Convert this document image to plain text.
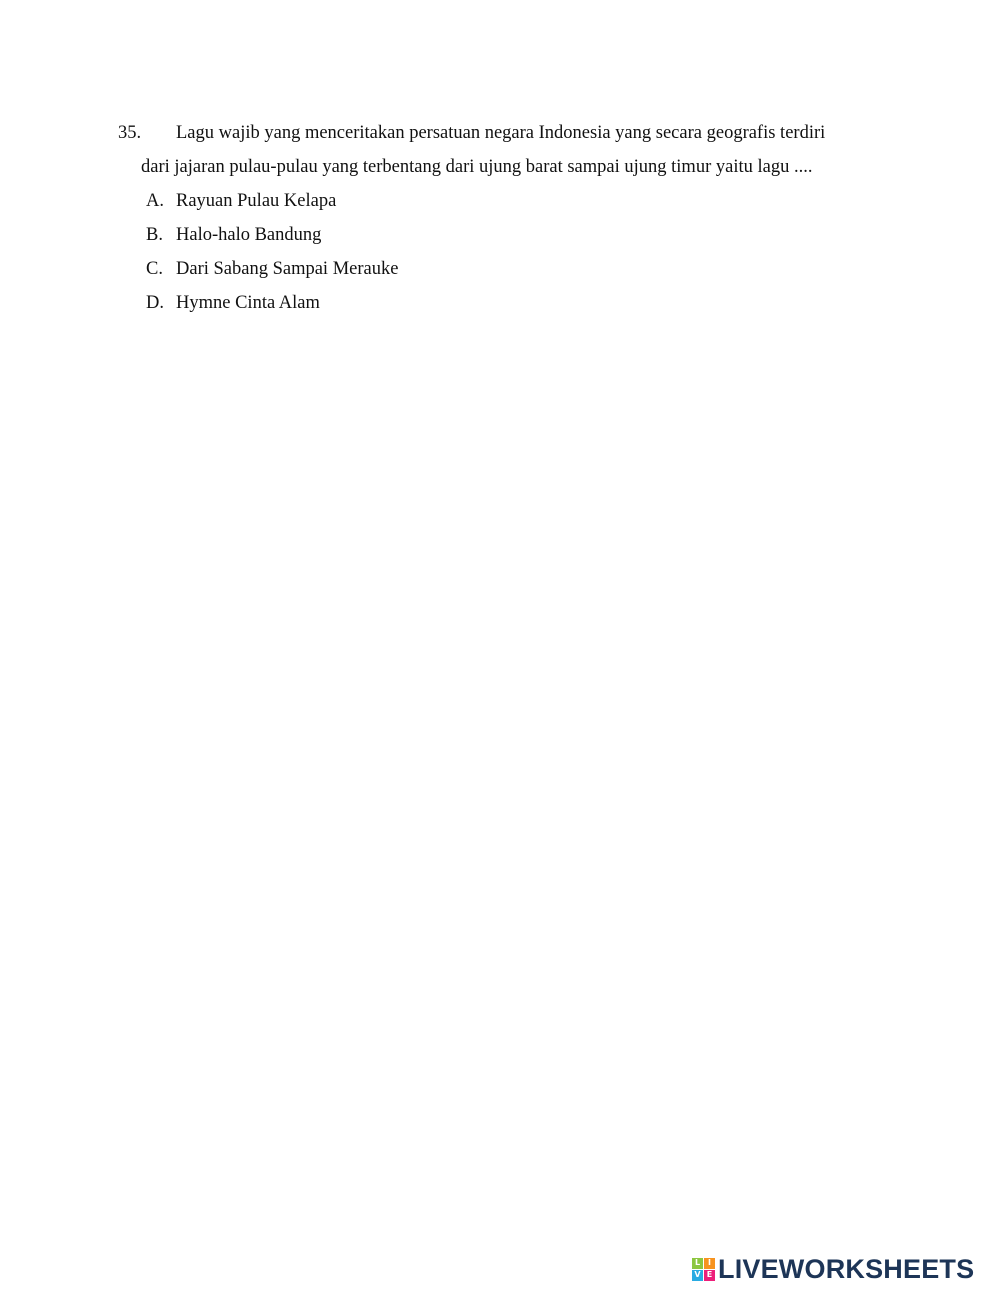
35. Lagu wajib yang menceritakan persatuan negara Indonesia yang secara geografis terdiri
dari jajaran pulau-pulau yang terbentang dari ujung barat sampai ujung timur yaitu lagu ....
A. Rayuan Pulau Kelapa
B. Halo-halo Bandung
C. Dari Sabang Sampai Merauke
D. Hymne Cinta Alam
L I
V E LIVEWORKSHEETS
